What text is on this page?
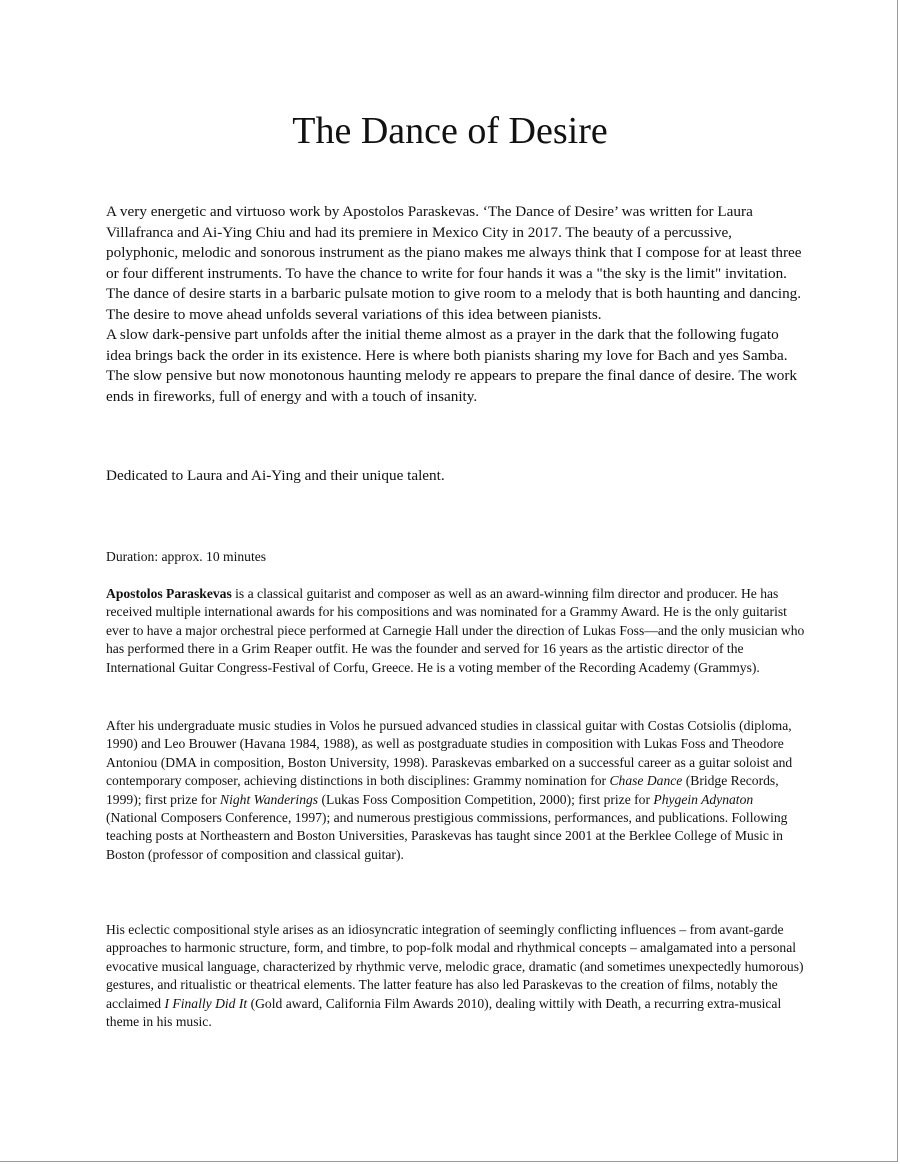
The Dance of Desire
A very energetic and virtuoso work by Apostolos Paraskevas. ‘The Dance of Desire’ was written for Laura Villafranca and Ai-Ying Chiu and had its premiere in Mexico City in 2017. The beauty of a percussive, polyphonic, melodic and sonorous instrument as the piano makes me always think that I compose for at least three or four different instruments. To have the chance to write for four hands it was a "the sky is the limit" invitation. The dance of desire starts in a barbaric pulsate motion to give room to a melody that is both haunting and dancing. The desire to move ahead unfolds several variations of this idea between pianists.
A slow dark-pensive part unfolds after the initial theme almost as a prayer in the dark that the following fugato idea brings back the order in its existence. Here is where both pianists sharing my love for Bach and yes Samba. The slow pensive but now monotonous haunting melody re appears to prepare the final dance of desire. The work ends in fireworks, full of energy and with a touch of insanity.

Dedicated to Laura and Ai-Ying and their unique talent.

Duration: approx. 10 minutes

Apostolos Paraskevas is a classical guitarist and composer as well as an award-winning film director and producer. He has received multiple international awards for his compositions and was nominated for a Grammy Award. He is the only guitarist ever to have a major orchestral piece performed at Carnegie Hall under the direction of Lukas Foss—and the only musician who has performed there in a Grim Reaper outfit. He was the founder and served for 16 years as the artistic director of the International Guitar Congress-Festival of Corfu, Greece. He is a voting member of the Recording Academy (Grammys).

After his undergraduate music studies in Volos he pursued advanced studies in classical guitar with Costas Cotsiolis (diploma, 1990) and Leo Brouwer (Havana 1984, 1988), as well as postgraduate studies in composition with Lukas Foss and Theodore Antoniou (DMA in composition, Boston University, 1998). Paraskevas embarked on a successful career as a guitar soloist and contemporary composer, achieving distinctions in both disciplines: Grammy nomination for Chase Dance (Bridge Records, 1999); first prize for Night Wanderings (Lukas Foss Composition Competition, 2000); first prize for Phygein Adynaton (National Composers Conference, 1997); and numerous prestigious commissions, performances, and publications. Following teaching posts at Northeastern and Boston Universities, Paraskevas has taught since 2001 at the Berklee College of Music in Boston (professor of composition and classical guitar).

His eclectic compositional style arises as an idiosyncratic integration of seemingly conflicting influences – from avant-garde approaches to harmonic structure, form, and timbre, to pop-folk modal and rhythmical concepts – amalgamated into a personal evocative musical language, characterized by rhythmic verve, melodic grace, dramatic (and sometimes unexpectedly humorous) gestures, and ritualistic or theatrical elements. The latter feature has also led Paraskevas to the creation of films, notably the acclaimed I Finally Did It (Gold award, California Film Awards 2010), dealing wittily with Death, a recurring extra-musical theme in his music.
